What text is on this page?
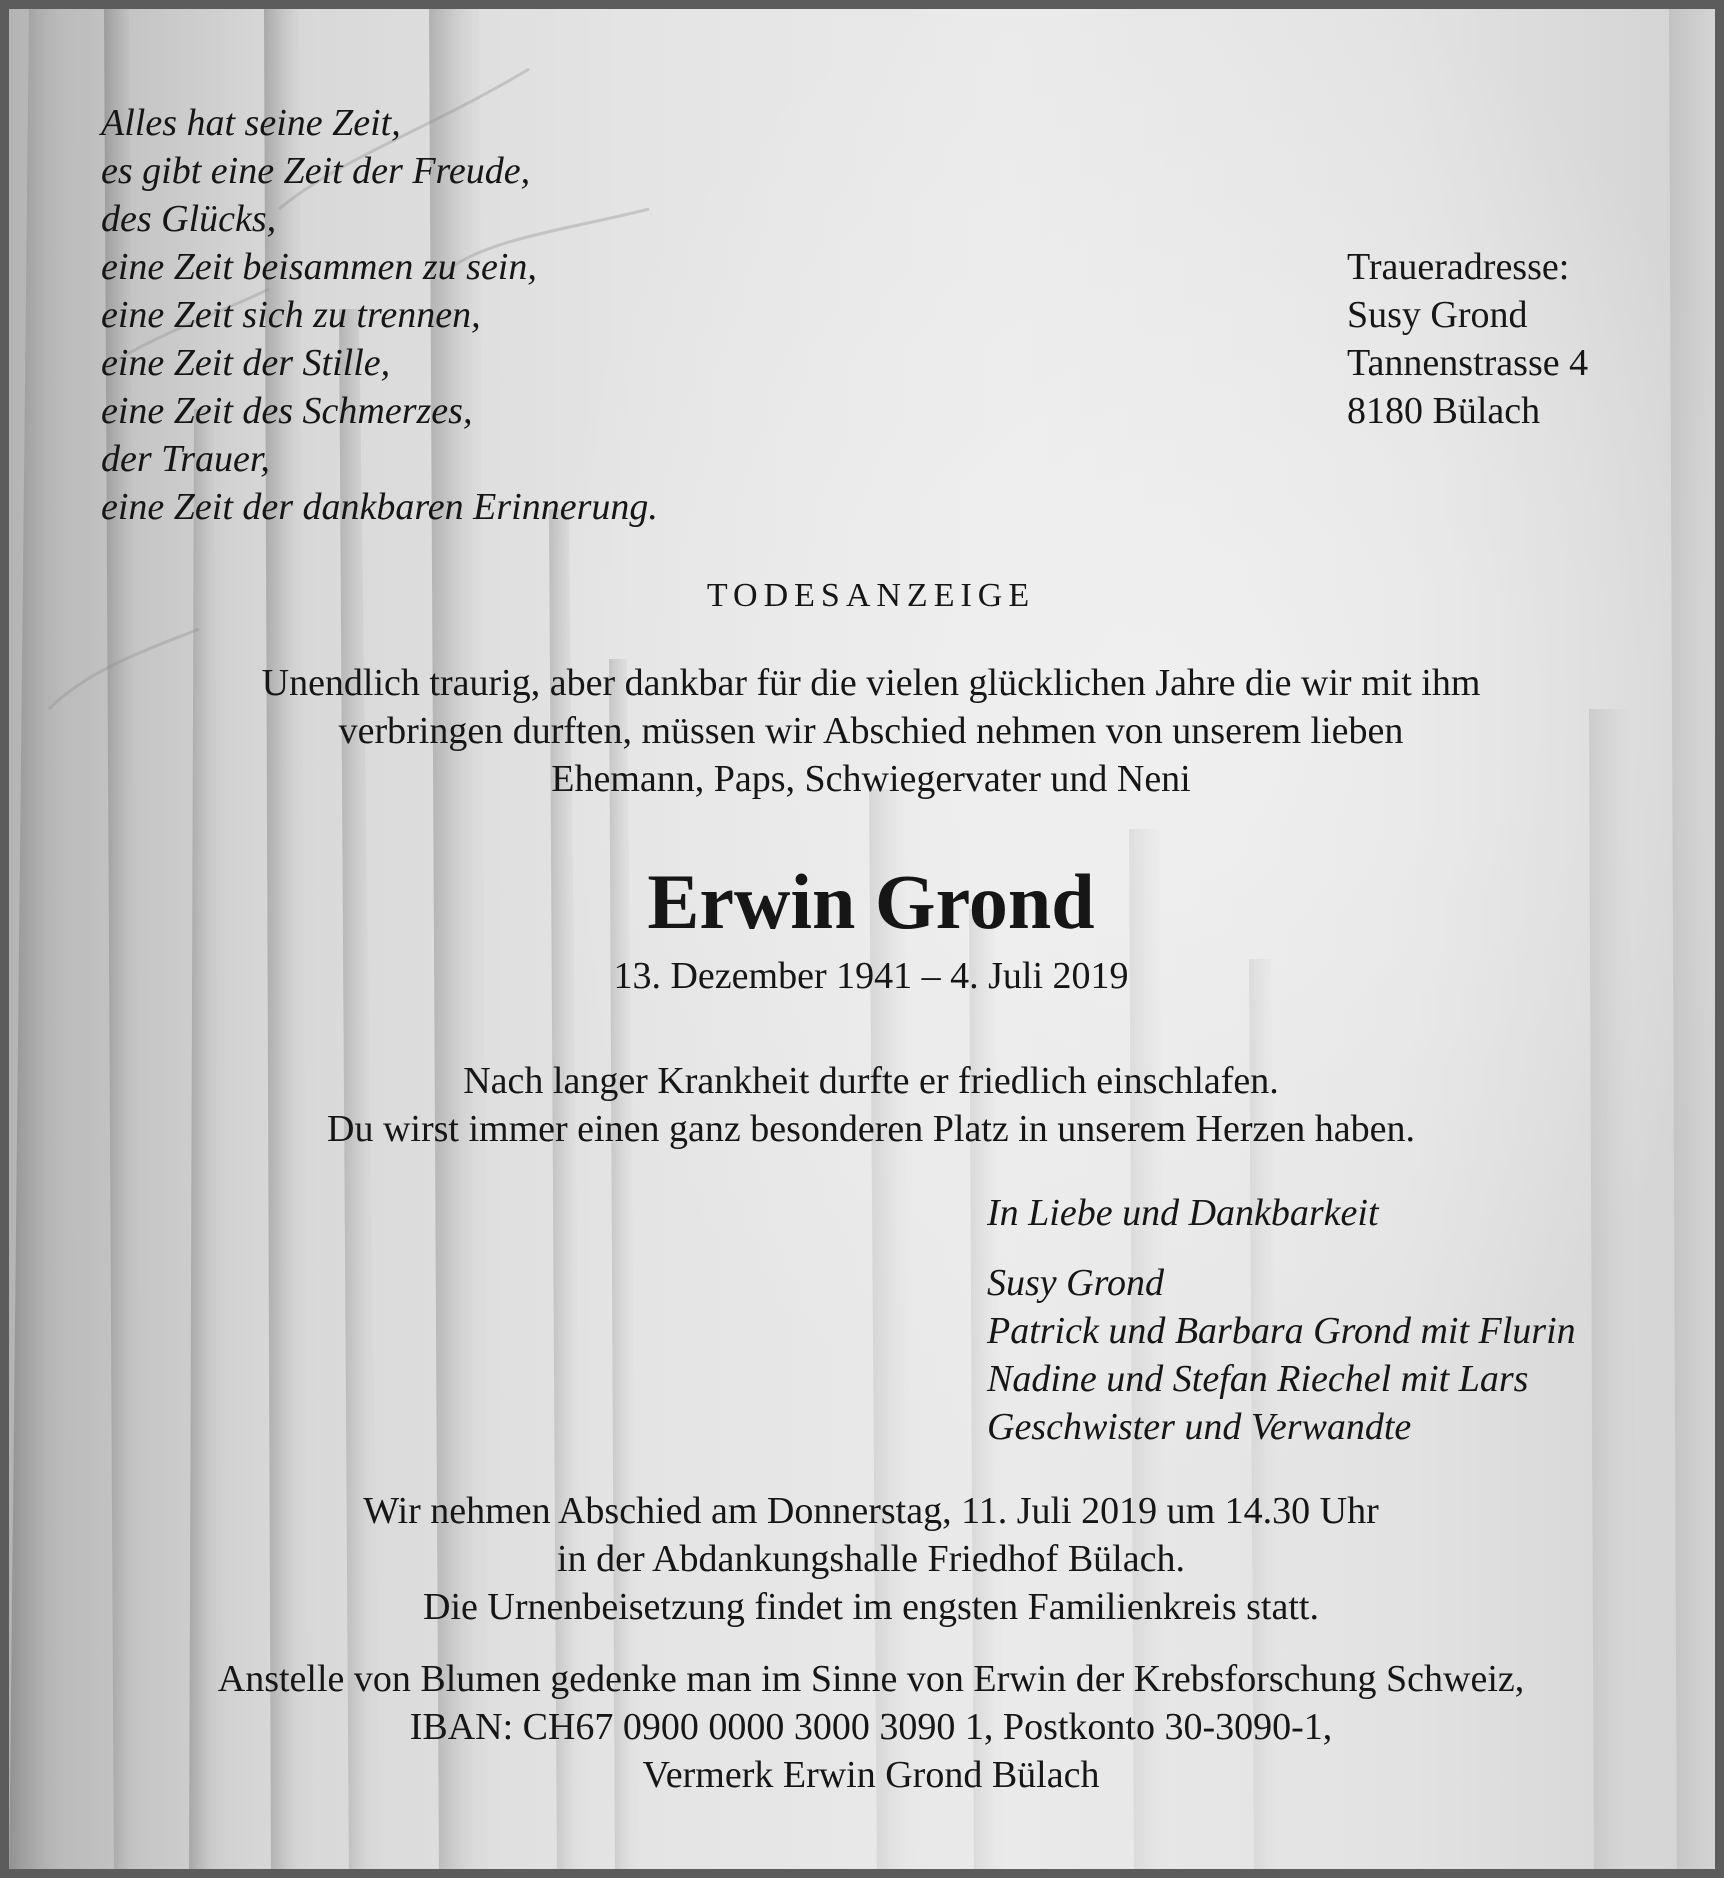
Alles hat seine Zeit,
es gibt eine Zeit der Freude,
des Glücks,
eine Zeit beisammen zu sein,
eine Zeit sich zu trennen,
eine Zeit der Stille,
eine Zeit des Schmerzes,
der Trauer,
eine Zeit der dankbaren Erinnerung.
Traueradresse:
Susy Grond
Tannenstrasse 4
8180 Bülach
TODESANZEIGE
Unendlich traurig, aber dankbar für die vielen glücklichen Jahre die wir mit ihm
verbringen durften, müssen wir Abschied nehmen von unserem lieben
Ehemann, Paps, Schwiegervater und Neni
Erwin Grond
13. Dezember 1941 – 4. Juli 2019
Nach langer Krankheit durfte er friedlich einschlafen.
Du wirst immer einen ganz besonderen Platz in unserem Herzen haben.
In Liebe und Dankbarkeit
Susy Grond
Patrick und Barbara Grond mit Flurin
Nadine und Stefan Riechel mit Lars
Geschwister und Verwandte
Wir nehmen Abschied am Donnerstag, 11. Juli 2019 um 14.30 Uhr
in der Abdankungshalle Friedhof Bülach.
Die Urnenbeisetzung findet im engsten Familienkreis statt.
Anstelle von Blumen gedenke man im Sinne von Erwin der Krebsforschung Schweiz,
IBAN: CH67 0900 0000 3000 3090 1, Postkonto 30-3090-1,
Vermerk Erwin Grond Bülach
